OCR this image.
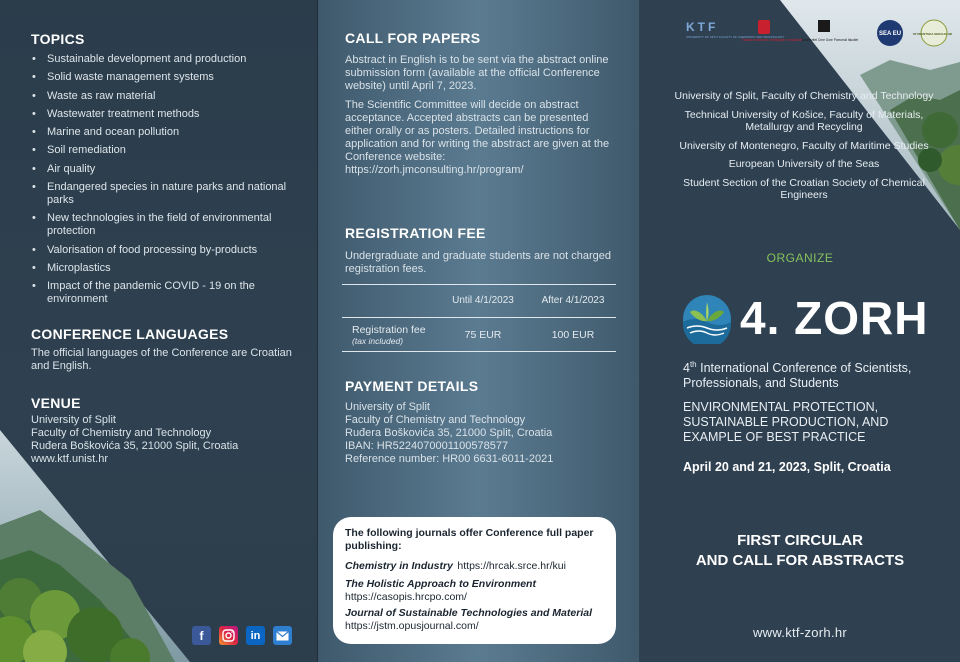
TOPICS
• Sustainable development and production
• Solid waste management systems
• Waste as raw material
• Wastewater treatment methods
• Marine and ocean pollution
• Soil remediation
• Air quality
• Endangered species in nature parks and national parks
• New technologies in the field of environmental protection
• Valorisation of food processing by-products
• Microplastics
• Impact of the pandemic COVID - 19 on the environment
CONFERENCE LANGUAGES

The official languages of the Conference are Croatian and English.

VENUE
University of Split
Faculty of Chemistry and Technology
Ruđera Boškovića 35, 21000 Split, Croatia
www.ktf.unist.hr
f	in
CALL FOR PAPERS

Abstract in English is to be sent via the abstract online submission form (available at the official Conference website) until April 7, 2023.

The Scientific Committee will decide on abstract acceptance. Accepted abstracts can be presented either orally or as posters. Detailed instructions for application and for writing the abstract are given at the Conference website: https://zorh.jmconsulting.hr/program/

REGISTRATION FEE

Undergraduate and graduate students are not charged registration fees.

Until 4/1/2023	After 4/1/2023
Registration fee
(tax included)	75 EUR	100 EUR
PAYMENT DETAILS
University of Split
Faculty of Chemistry and Technology
Ruđera Boškovića 35, 21000 Split, Croatia
IBAN: HR5224070001100578577
Reference number: HR00 6631-6011-2021
The following journals offer Conference full paper publishing:
Chemistry in Industry https://hrcak.srce.hr/kui
The Holistic Approach to Environment
https://casopis.hrcpo.com/
Journal of Sustainable Technologies and Material
https://jstm.opusjournal.com/
KTF
UNIVERSITY OF SPLIT FACULTY OF CHEMISTRY AND TECHNOLOGY
Fakulta materiálov, metalurgie a recyklácie Univerzitet Crne Gore Pomorski fakultet
SEA EU	STUDENTSKA SEKCIJA HDKI
University of Split, Faculty of Chemistry and Technology
Technical University of Košice, Faculty of Materials, Metallurgy and Recycling
University of Montenegro, Faculty of Maritime Studies
European University of the Seas
Student Section of the Croatian Society of Chemical Engineers
ORGANIZE
4. ZORH
4th International Conference of Scientists, Professionals, and Students
ENVIRONMENTAL PROTECTION, SUSTAINABLE PRODUCTION, AND EXAMPLE OF BEST PRACTICE
April 20 and 21, 2023, Split, Croatia
FIRST CIRCULAR
AND CALL FOR ABSTRACTS
www.ktf-zorh.hr
